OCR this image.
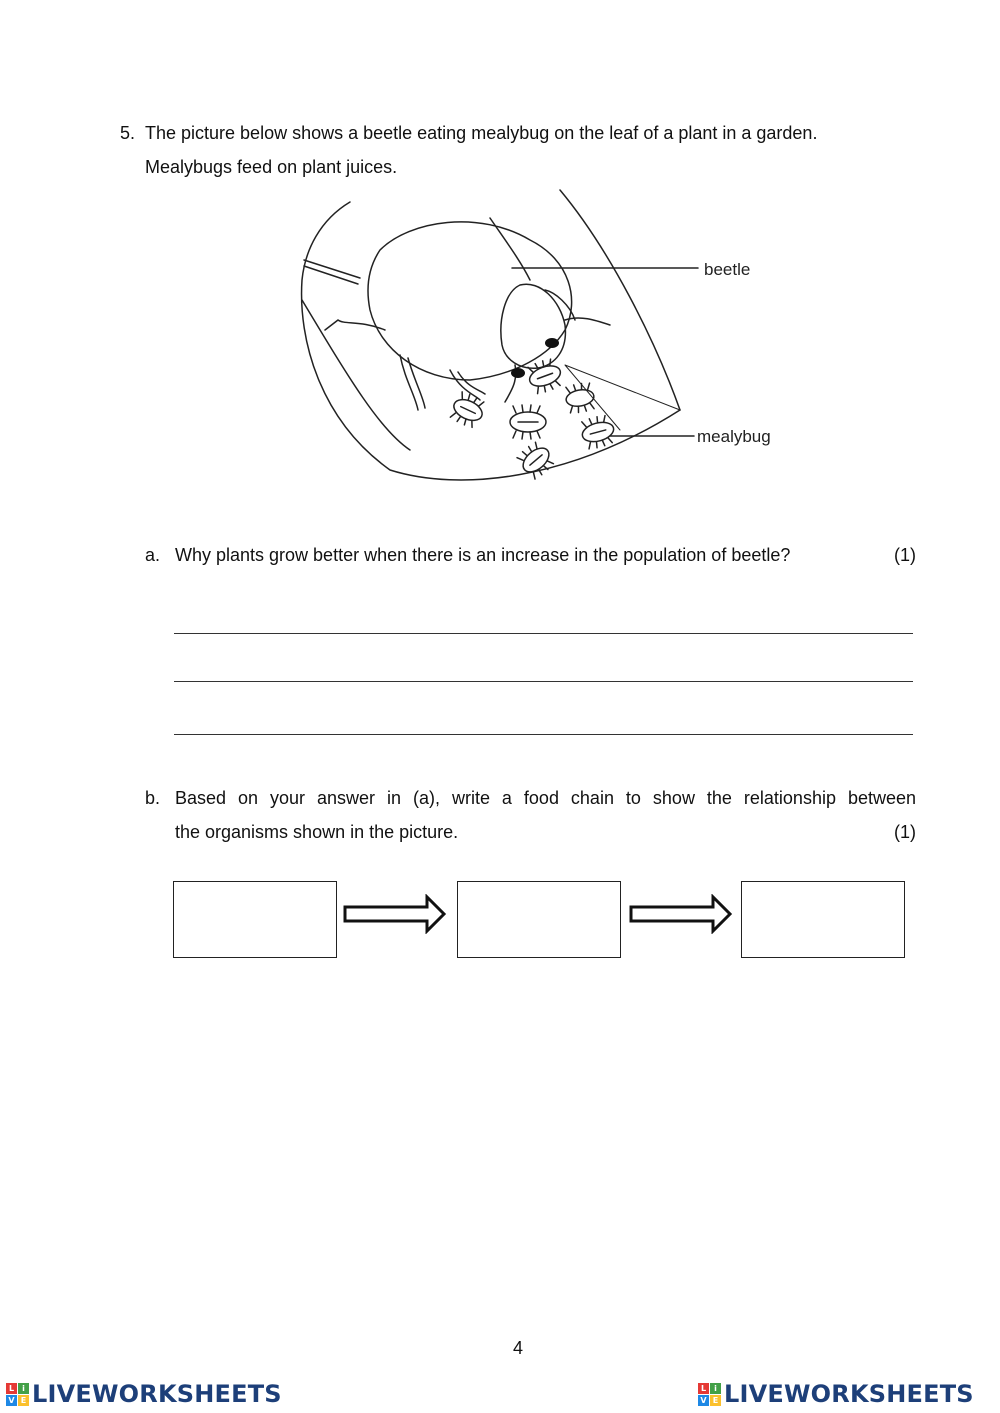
5. The picture below shows a beetle eating mealybug on the leaf of a plant in a garden.
Mealybugs feed on plant juices.
beetle
mealybug
a. Why plants grow better when there is an increase in the population of beetle?	(1)
b. Based on your answer in (a), write a food chain to show the relationship between
the organisms shown in the picture.	(1)
4
L	i
V E LIVEWORKSHEETS	L	i
V E LIVEWORKSHEETS
